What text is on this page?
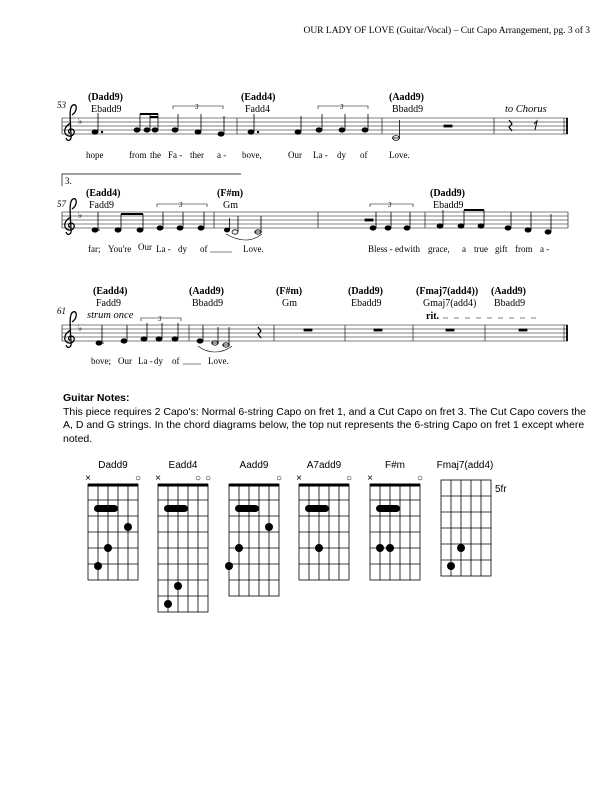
OUR LADY OF LOVE (Guitar/Vocal) – Cut Capo Arrangement, pg. 3 of 3
53
(Dadd9)
Ebadd9
(Eadd4)
Fadd4
(Aadd9)
Bbadd9	to Chorus
♭
3	3
hope	from the Fa - ther a - bove,	Our La - dy of Love.
3.
57
(Eadd4)
Fadd9
(F#m)
Gm
(Dadd9)
Ebadd9
♭
3	3
far; You're Our La - dy of	Love.	Bless - ed with grace, a true gift from a -
61
(Eadd4)
Fadd9
(Aadd9)
Bbadd9
(F#m)
Gm
(Dadd9)
Ebadd9
(Fmaj7(add4))
Gmaj7(add4)
(Aadd9)
Bbadd9
strum once	rit.
♭
3
bove; Our La - dy of	Love.
Dadd9
×	○
Eadd4
×	○ ○
Aadd9
○
A7add9
×	○
F#m
×	○
Fmaj7(add4)
5fr
Guitar Notes:
This piece requires 2 Capo's: Normal 6-string Capo on fret 1, and a Cut Capo on fret 3. The Cut Capo covers the A, D and G strings. In the chord diagrams below, the top nut represents the 6-string Capo on fret 1 except where noted.
